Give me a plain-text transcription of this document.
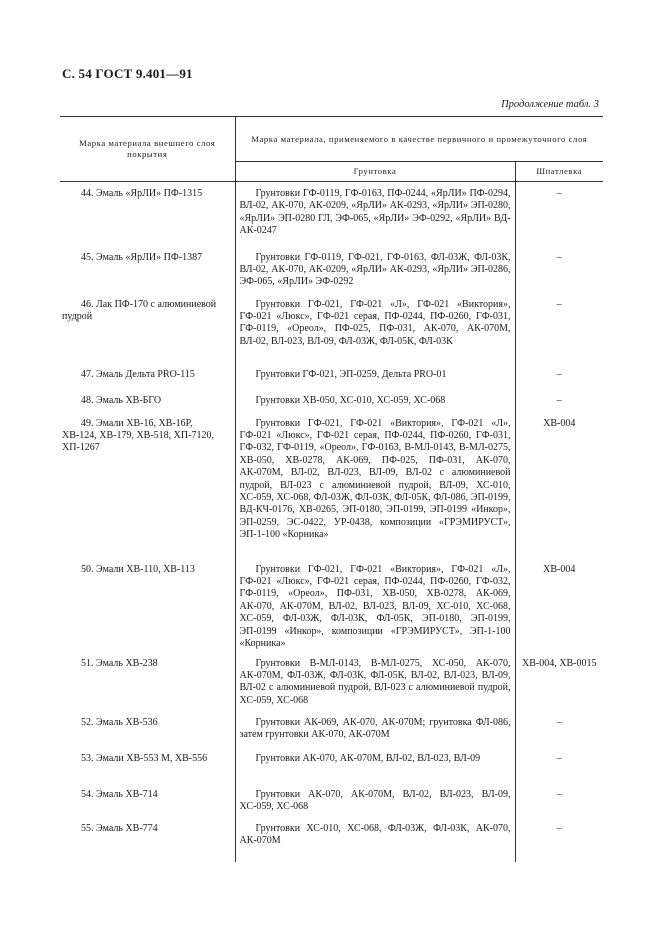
С. 54 ГОСТ 9.401—91
Продолжение табл. 3
Марка материала внешнего слоя покрытия	Марка материала, применяемого в качестве первичного и промежуточного слоя	
	Грунтовка	Шпатлевка

44. Эмаль «ЯрЛИ» ПФ-1315	Грунтовки ГФ-0119, ГФ-0163, ПФ-0244, «ЯрЛИ» ПФ-0294, ВЛ-02, АК-070, АК-0209, «ЯрЛИ» АК-0293, «ЯрЛИ» ЭП-0280, «ЯрЛИ» ЭП-0280 ГЛ, ЭФ-065, «ЯрЛИ» ЭФ-0292, «ЯрЛИ» ВД-АК-0247	–

45. Эмаль «ЯрЛИ» ПФ-1387	Грунтовки ГФ-0119, ГФ-021, ГФ-0163, ФЛ-03Ж, ФЛ-03К, ВЛ-02, АК-070, АК-0209, «ЯрЛИ» АК-0293, «ЯрЛИ» ЭП-0286, ЭФ-065, «ЯрЛИ» ЭФ-0292	–

46. Лак ПФ-170 с алюминиевой пудрой	Грунтовки ГФ-021, ГФ-021 «Л», ГФ-021 «Виктория», ГФ-021 «Люкс», ГФ-021 серая, ПФ-0244, ПФ-0260, ГФ-031, ГФ-0119, «Ореол», ПФ-025, ПФ-031, АК-070, АК-070М, ВЛ-02, ВЛ-023, ВЛ-09, ФЛ-03Ж, ФЛ-05К, ФЛ-03К	–

47. Эмаль Дельта PRO-115	Грунтовки ГФ-021, ЭП-0259, Дельта PRO-01	–

48. Эмаль ХВ-БГО	Грунтовки ХВ-050, ХС-010, ХС-059, ХС-068	–

49. Эмали ХВ-16, ХВ-16Р, ХВ-124, ХВ-179, ХВ-518, ХП-7120, ХП-1267	Грунтовки ГФ-021, ГФ-021 «Виктория», ГФ-021 «Л», ГФ-021 «Люкс», ГФ-021 серая, ПФ-0244, ПФ-0260, ГФ-031, ГФ-032, ГФ-0119, «Ореол», ГФ-0163, В-МЛ-0143, В-МЛ-0275, ХВ-050, ХВ-0278, АК-069, ПФ-025, ПФ-031, АК-070, АК-070М, ВЛ-02, ВЛ-023, ВЛ-09, ВЛ-02 с алюминиевой пудрой, ВЛ-023 с алюминиевой пудрой, ВЛ-09, ХС-010, ХС-059, ХС-068, ФЛ-03Ж, ФЛ-03К, ФЛ-05К, ФЛ-086, ЭП-0199, ВД-КЧ-0176, ХВ-0265, ЭП-0180, ЭП-0199, ЭП-0199 «Инкор», ЭП-0259, ЭС-0422, УР-0438, композиции «ГРЭМИРУСТ», ЭП-1-100 «Корника»	ХВ-004

50. Эмали ХВ-110, ХВ-113	Грунтовки ГФ-021, ГФ-021 «Виктория», ГФ-021 «Л», ГФ-021 «Люкс», ГФ-021 серая, ПФ-0244, ПФ-0260, ГФ-032, ГФ-0119, «Ореол», ПФ-031, ХВ-050, ХВ-0278, АК-069, АК-070, АК-070М, ВЛ-02, ВЛ-023, ВЛ-09, ХС-010, ХС-068, ХС-059, ФЛ-03Ж, ФЛ-03К, ФЛ-05К, ЭП-0180, ЭП-0199, ЭП-0199 «Инкор», композиции «ГРЭМИРУСТ», ЭП-1-100 «Корника»	ХВ-004

51. Эмаль ХВ-238	Грунтовки В-МЛ-0143, В-МЛ-0275, ХС-050, АК-070, АК-070М, ФЛ-03Ж, ФЛ-03К, ФЛ-05К, ВЛ-02, ВЛ-023, ВЛ-09, ВЛ-02 с алюминиевой пудрой, ВЛ-023 с алюминиевой пудрой, ХС-059, ХС-068	ХВ-004, ХВ-0015

52. Эмаль ХВ-536	Грунтовки АК-069, АК-070, АК-070М; грунтовка ФЛ-086, затем грунтовки АК-070, АК-070М	–

53. Эмали ХВ-553 М, ХВ-556	Грунтовки АК-070, АК-070М, ВЛ-02, ВЛ-023, ВЛ-09	–

54. Эмаль ХВ-714	Грунтовки АК-070, АК-070М, ВЛ-02, ВЛ-023, ВЛ-09, ХС-059, ХС-068	–

55. Эмаль ХВ-774	Грунтовки ХС-010, ХС-068, ФЛ-03Ж, ФЛ-03К, АК-070, АК-070М	–
